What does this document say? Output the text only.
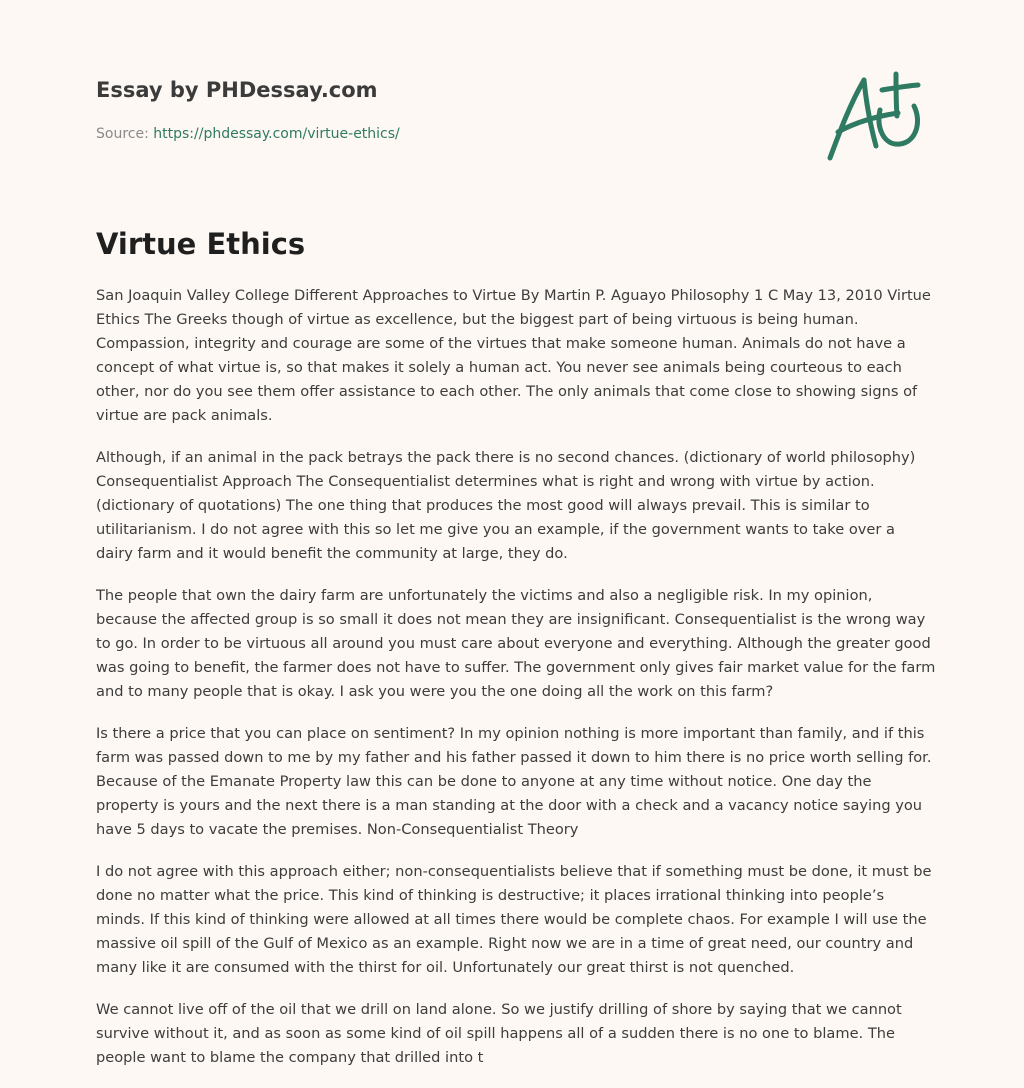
Essay by PHDessay.com
Source: https://phdessay.com/virtue-ethics/
Virtue Ethics

San Joaquin Valley College Different Approaches to Virtue By Martin P. Aguayo Philosophy 1 C May 13, 2010 Virtue Ethics The Greeks though of virtue as excellence, but the biggest part of being virtuous is being human. Compassion, integrity and courage are some of the virtues that make someone human. Animals do not have a concept of what virtue is, so that makes it solely a human act. You never see animals being courteous to each other, nor do you see them offer assistance to each other. The only animals that come close to showing signs of virtue are pack animals.

Although, if an animal in the pack betrays the pack there is no second chances. (dictionary of world philosophy) Consequentialist Approach The Consequentialist determines what is right and wrong with virtue by action. (dictionary of quotations) The one thing that produces the most good will always prevail. This is similar to utilitarianism. I do not agree with this so let me give you an example, if the government wants to take over a dairy farm and it would benefit the community at large, they do.

The people that own the dairy farm are unfortunately the victims and also a negligible risk. In my opinion, because the affected group is so small it does not mean they are insignificant. Consequentialist is the wrong way to go. In order to be virtuous all around you must care about everyone and everything. Although the greater good was going to benefit, the farmer does not have to suffer. The government only gives fair market value for the farm and to many people that is okay. I ask you were you the one doing all the work on this farm?

Is there a price that you can place on sentiment? In my opinion nothing is more important than family, and if this farm was passed down to me by my father and his father passed it down to him there is no price worth selling for. Because of the Emanate Property law this can be done to anyone at any time without notice. One day the property is yours and the next there is a man standing at the door with a check and a vacancy notice saying you have 5 days to vacate the premises. Non-Consequentialist Theory

I do not agree with this approach either; non-consequentialists believe that if something must be done, it must be done no matter what the price. This kind of thinking is destructive; it places irrational thinking into people’s minds. If this kind of thinking were allowed at all times there would be complete chaos. For example I will use the massive oil spill of the Gulf of Mexico as an example. Right now we are in a time of great need, our country and many like it are consumed with the thirst for oil. Unfortunately our great thirst is not quenched.

We cannot live off of the oil that we drill on land alone. So we justify drilling of shore by saying that we cannot survive without it, and as soon as some kind of oil spill happens all of a sudden there is no one to blame. The people want to blame the company that drilled into t
